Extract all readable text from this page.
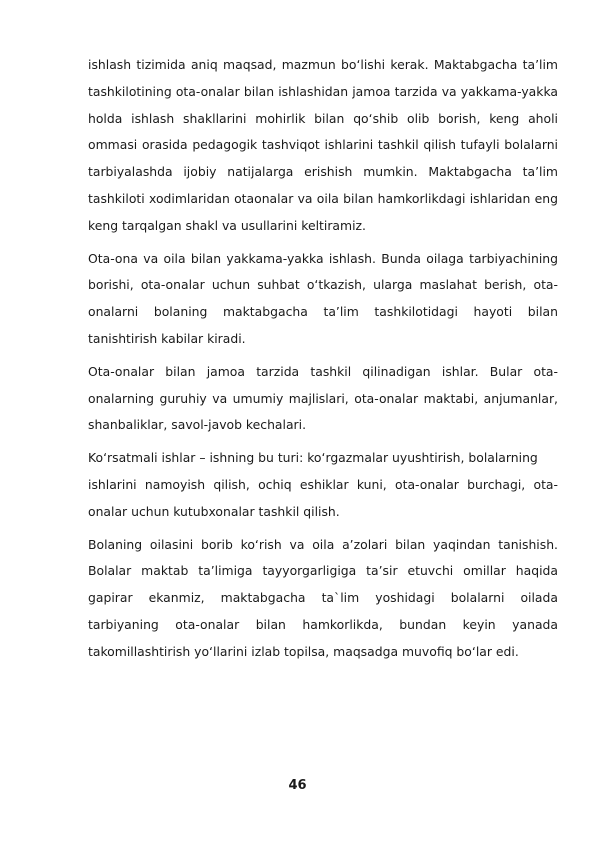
ishlash tizimida aniq maqsad, mazmun bo‘lishi kerak. Maktabgacha ta’lim tashkilotining ota-onalar bilan ishlashidan jamoa tarzida va yakkama-yakka holda ishlash shakllarini mohirlik bilan qo‘shib olib borish, keng aholi ommasi orasida pedagogik tashviqot ishlarini tashkil qilish tufayli bolalarni tarbiyalashda ijobiy natijalarga erishish mumkin. Maktabgacha ta’lim tashkiloti xodimlaridan otaonalar va oila bilan hamkorlikdagi ishlaridan eng keng tarqalgan shakl va usullarini keltiramiz.

Ota-ona va oila bilan yakkama-yakka ishlash. Bunda oilaga tarbiyachining borishi, ota-onalar uchun suhbat o‘tkazish, ularga maslahat berish, ota-onalarni bolaning maktabgacha ta’lim tashkilotidagi hayoti bilan tanishtirish kabilar kiradi.

Ota-onalar bilan jamoa tarzida tashkil qilinadigan ishlar. Bular ota-onalarning guruhiy va umumiy majlislari, ota-onalar maktabi, anjumanlar, shanbaliklar, savol-javob kechalari.

Ko‘rsatmali ishlar – ishning bu turi: ko‘rgazmalar uyushtirish, bolalarning

ishlarini namoyish qilish, ochiq eshiklar kuni, ota-onalar burchagi, ota-onalar uchun kutubxonalar tashkil qilish.

Bolaning oilasini borib ko‘rish va oila a’zolari bilan yaqindan tanishish. Bolalar maktab ta’limiga tayyorgarligiga ta’sir etuvchi omillar haqida gapirar ekanmiz, maktabgacha ta`lim yoshidagi bolalarni oilada tarbiyaning ota-onalar bilan hamkorlikda, bundan keyin yanada takomillashtirish yo‘llarini izlab topilsa, maqsadga muvofiq bo‘lar edi.

46
